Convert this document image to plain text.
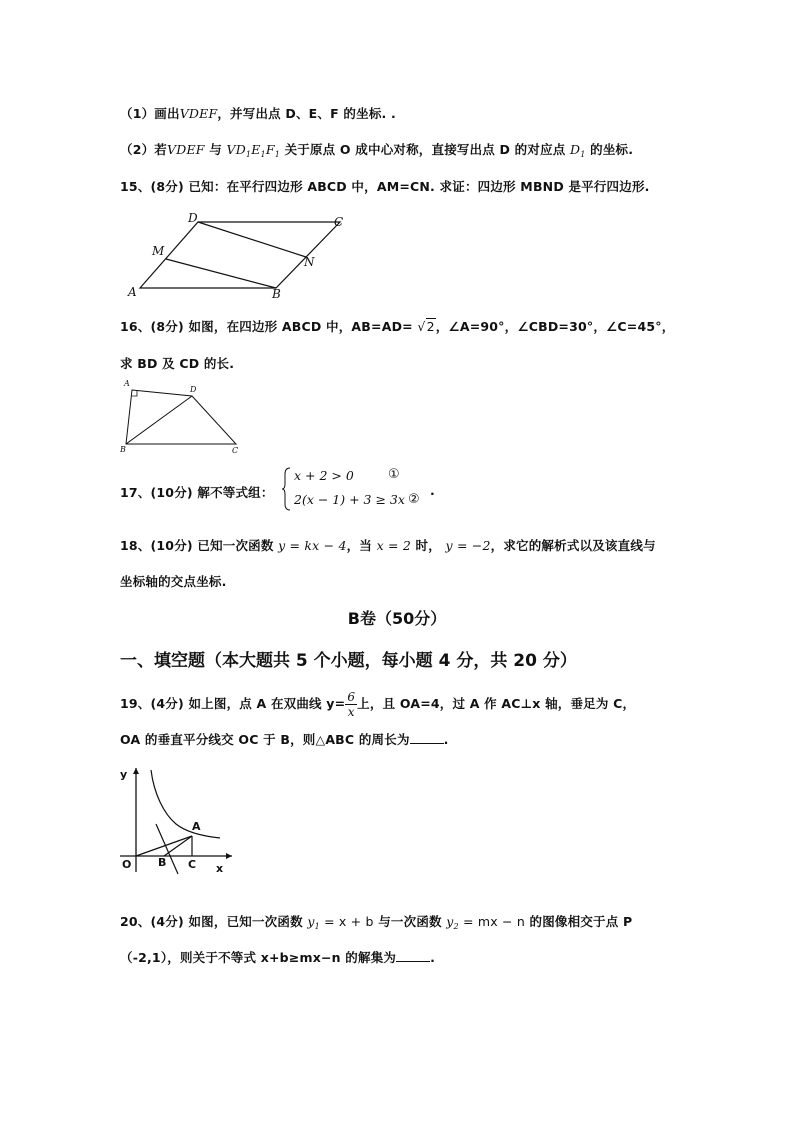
（1）画出VDEF，并写出点 D、E、F 的坐标. .
（2）若VDEF 与 $VD_1E_1F_1$ 关于原点 O 成中心对称，直接写出点 D 的对应点 $D_1$ 的坐标.
15、(8分) 已知：在平行四边形 ABCD 中，AM=CN. 求证：四边形 MBND 是平行四边形.
D	C
M
N
A	B
16、(8分) 如图，在四边形 ABCD 中，AB=AD= √2，∠A=90°，∠CBD=30°，∠C=45°，
求 BD 及 CD 的长.
A
D
B	C
17、(10分) 解不等式组：
x + 2 > 0	①
2(x − 1) + 3 ≥ 3x ②
.
18、(10分) 已知一次函数 y = kx − 4，当 x = 2 时， y = −2，求它的解析式以及该直线与
坐标轴的交点坐标.
B卷（50分）
一、填空题（本大题共 5 个小题，每小题 4 分，共 20 分）
19、(4分) 如上图，点 A 在双曲线 $y= \frac{6}{x}$ 上，且 OA=4，过 A 作 AC⊥x 轴，垂足为 C，
OA 的垂直平分线交 OC 于 B，则△ABC 的周长为	.
y
A
O B C x
20、(4分) 如图，已知一次函数 $y_1 = x + b$ 与一次函数 $y_2$ = mx − n 的图像相交于点 P
（-2,1），则关于不等式 x+b≥mx−n 的解集为	.
